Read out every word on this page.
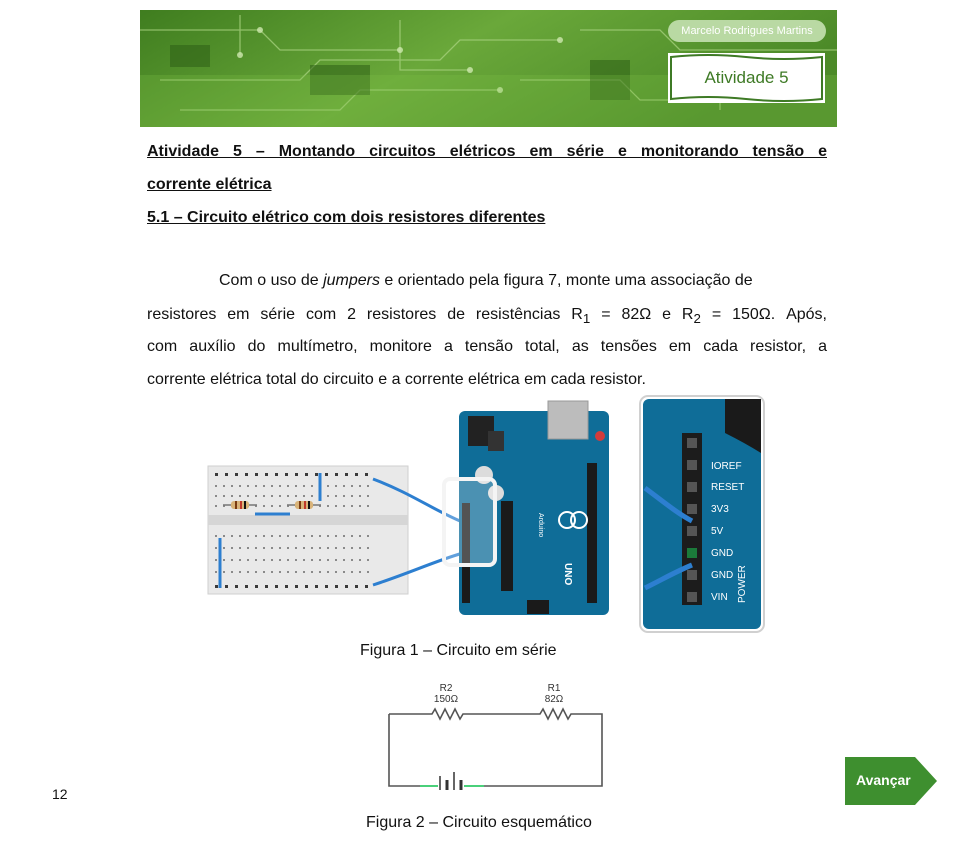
Marcelo Rodrigues Martins
Atividade 5
Atividade 5 – Montando circuitos elétricos em série e monitorando tensão e
corrente elétrica
5.1 – Circuito elétrico com dois resistores diferentes
Com o uso de jumpers e orientado pela figura 7, monte uma associação de
resistores em série com 2 resistores de resistências $R_1 = 82\Omega$ e $R_2 = 150\Omega$. Após,
com auxílio do multímetro, monitore a tensão total, as tensões em cada resistor, a
corrente elétrica total do circuito e a corrente elétrica em cada resistor.
UNO
Arduino
IOREF
RESET
3V3
5V
GND
GND
VIN POWER
Figura 1 – Circuito em série
R2
150Ω
R1
82Ω
Figura 2 – Circuito esquemático
12
Avançar
